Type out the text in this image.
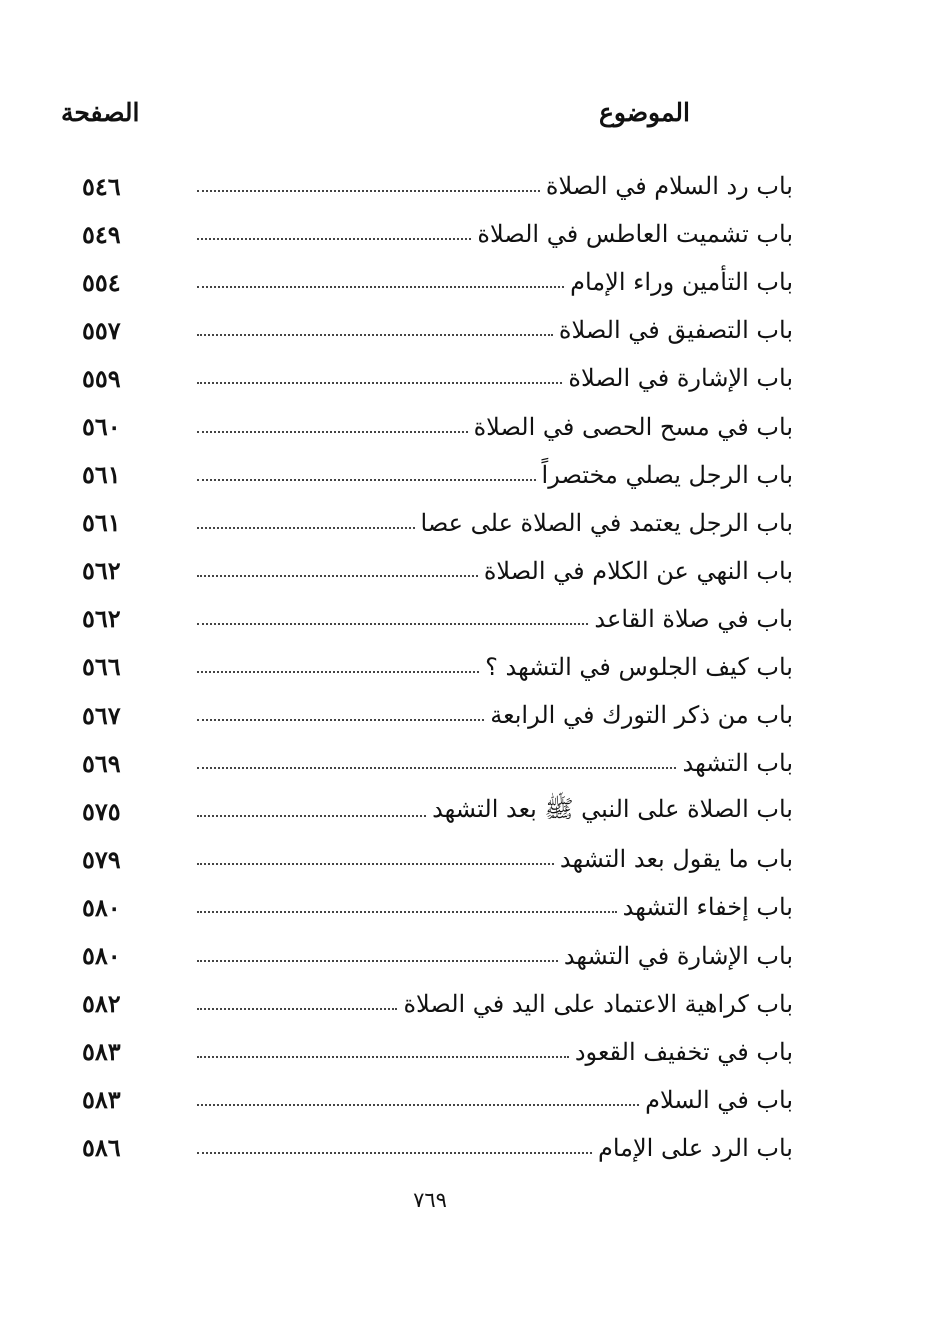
الموضوع
الصفحة
٥٤٦	باب رد السلام في الصلاة
٥٤٩	باب تشميت العاطس في الصلاة
٥٥٤	باب التأمين وراء الإمام
٥٥٧	باب التصفيق في الصلاة
٥٥٩	باب الإشارة في الصلاة
٥٦٠	باب في مسح الحصى في الصلاة
٥٦١	باب الرجل يصلي مختصراً
٥٦١	باب الرجل يعتمد في الصلاة على عصا
٥٦٢	باب النهي عن الكلام في الصلاة
٥٦٢	باب في صلاة القاعد
٥٦٦	باب كيف الجلوس في التشهد ؟
٥٦٧	باب من ذكر التورك في الرابعة
٥٦٩	باب التشهد
٥٧٥	باب الصلاة على النبي ﷺ بعد التشهد
٥٧٩	باب ما يقول بعد التشهد
٥٨٠	باب إخفاء التشهد
٥٨٠	باب الإشارة في التشهد
٥٨٢	باب كراهية الاعتماد على اليد في الصلاة
٥٨٣	باب في تخفيف القعود
٥٨٣	باب في السلام
٥٨٦	باب الرد على الإمام
٧٦٩
